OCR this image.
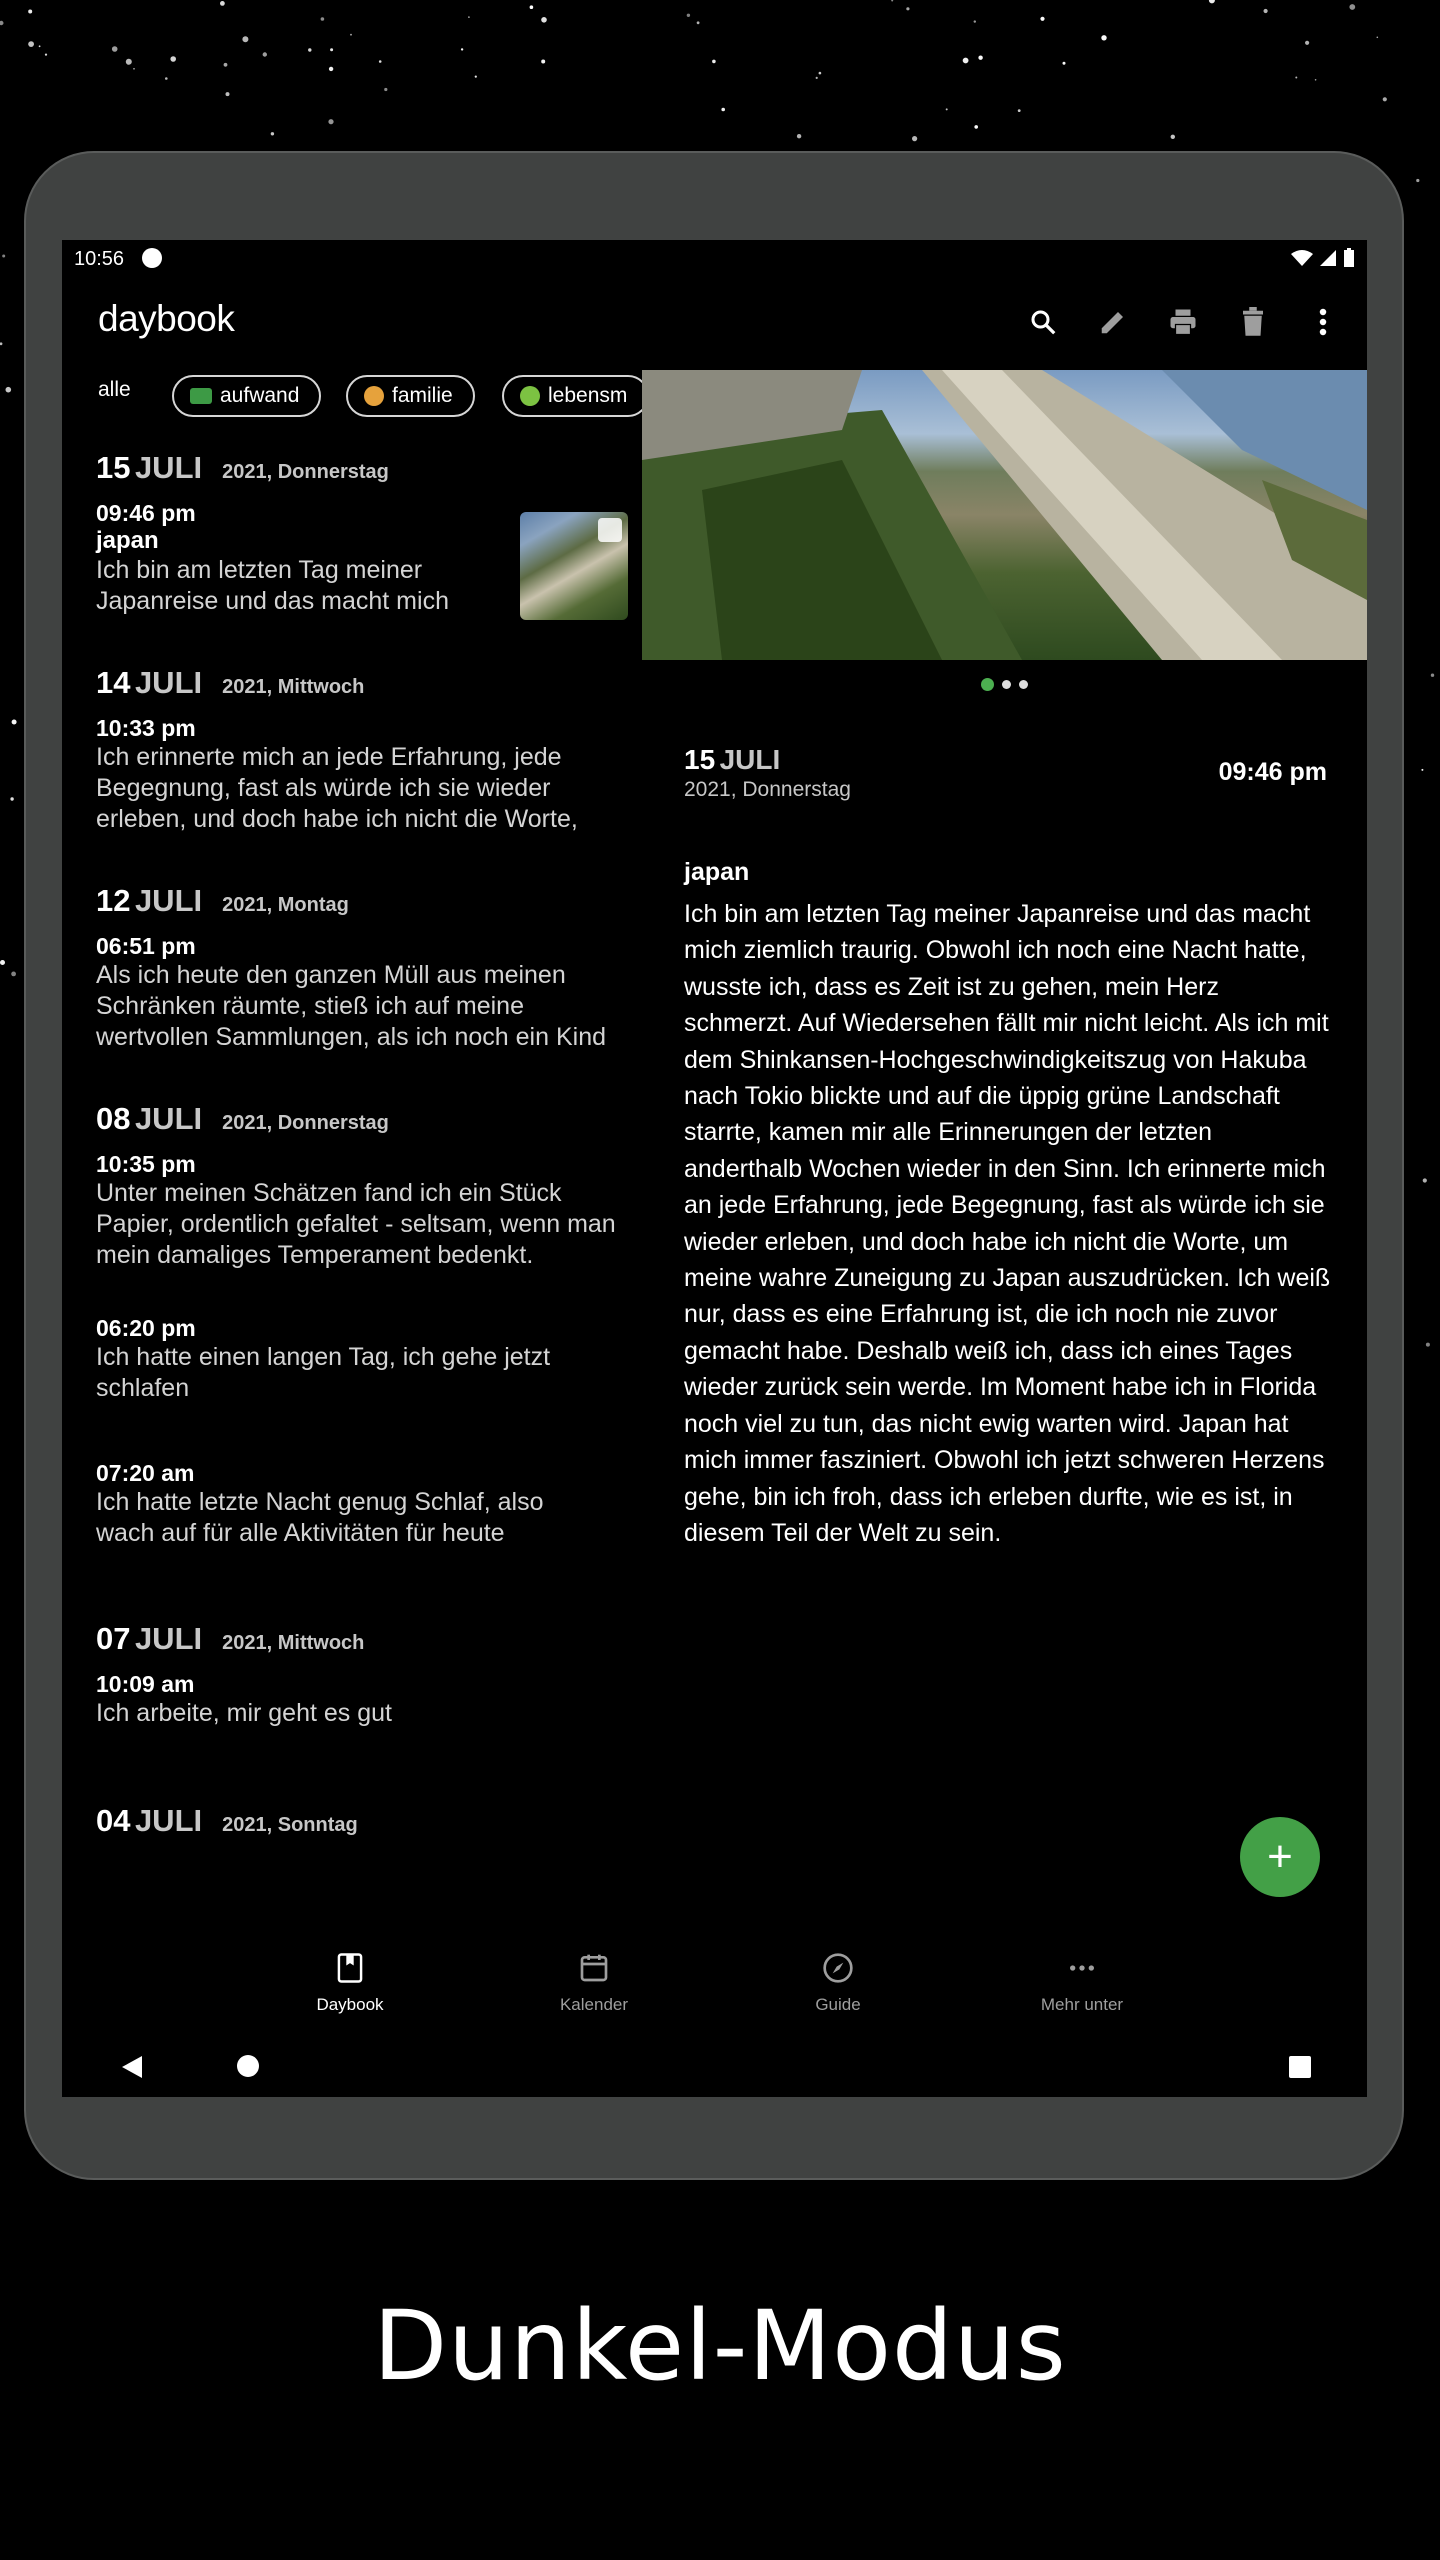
10:56
daybook
alle	aufwand	familie	lebensm
15 JULI 2021, Donnerstag
09:46 pm
japan
Ich bin am letzten Tag meiner Japanreise und das macht mich
14 JULI 2021, Mittwoch
10:33 pm
Ich erinnerte mich an jede Erfahrung, jede Begegnung, fast als würde ich sie wieder erleben, und doch habe ich nicht die Worte,
12 JULI 2021, Montag
06:51 pm
Als ich heute den ganzen Müll aus meinen Schränken räumte, stieß ich auf meine wertvollen Sammlungen, als ich noch ein Kind
08 JULI 2021, Donnerstag
10:35 pm
Unter meinen Schätzen fand ich ein Stück Papier, ordentlich gefaltet - seltsam, wenn man mein damaliges Temperament bedenkt.
06:20 pm
Ich hatte einen langen Tag, ich gehe jetzt schlafen
07:20 am
Ich hatte letzte Nacht genug Schlaf, also wach auf für alle Aktivitäten für heute
07 JULI 2021, Mittwoch
10:09 am
Ich arbeite, mir geht es gut
04 JULI 2021, Sonntag
15 JULI
2021, Donnerstag
09:46 pm
japan
Ich bin am letzten Tag meiner Japanreise und das macht mich ziemlich traurig. Obwohl ich noch eine Nacht hatte, wusste ich, dass es Zeit ist zu gehen, mein Herz schmerzt. Auf Wiedersehen fällt mir nicht leicht. Als ich mit dem Shinkansen-Hochgeschwindigkeitszug von Hakuba nach Tokio blickte und auf die üppig grüne Landschaft starrte, kamen mir alle Erinnerungen der letzten anderthalb Wochen wieder in den Sinn. Ich erinnerte mich an jede Erfahrung, jede Begegnung, fast als würde ich sie wieder erleben, und doch habe ich nicht die Worte, um meine wahre Zuneigung zu Japan auszudrücken. Ich weiß nur, dass es eine Erfahrung ist, die ich noch nie zuvor gemacht habe. Deshalb weiß ich, dass ich eines Tages wieder zurück sein werde. Im Moment habe ich in Florida noch viel zu tun, das nicht ewig warten wird. Japan hat mich immer fasziniert. Obwohl ich jetzt schweren Herzens gehe, bin ich froh, dass ich erleben durfte, wie es ist, in diesem Teil der Welt zu sein.
+
Daybook	Kalender	Guide	Mehr unter
Dunkel-Modus
